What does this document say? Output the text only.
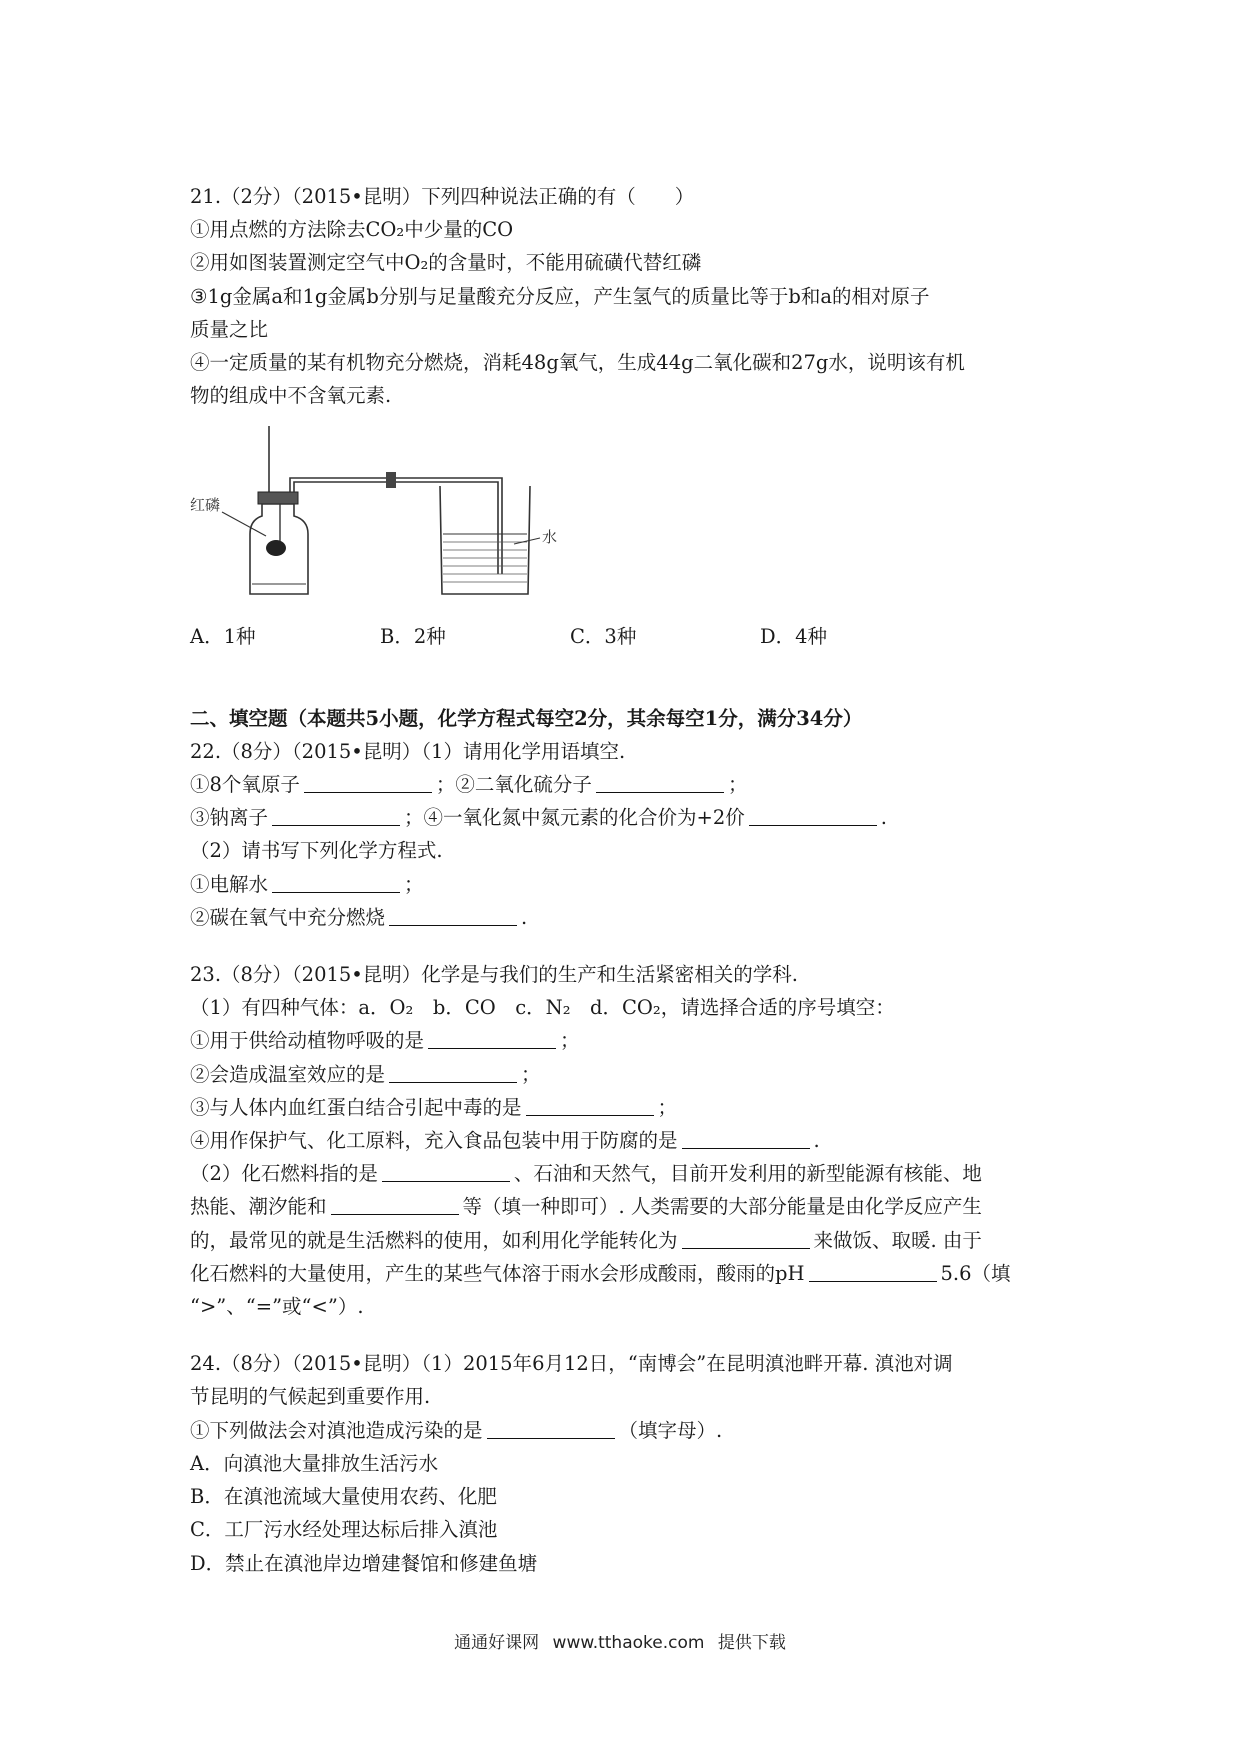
21.（2分）（2015•昆明）下列四种说法正确的有（　　）
①用点燃的方法除去CO₂中少量的CO
②用如图装置测定空气中O₂的含量时，不能用硫磺代替红磷
③1g金属a和1g金属b分别与足量酸充分反应，产生氢气的质量比等于b和a的相对原子
质量之比
④一定质量的某有机物充分燃烧，消耗48g氧气，生成44g二氧化碳和27g水，说明该有机
物的组成中不含氧元素.
红磷
水
A．1种	B．2种	C．3种	D．4种
二、填空题（本题共5小题，化学方程式每空2分，其余每空1分，满分34分）
22.（8分）（2015•昆明）（1）请用化学用语填空.
①8个氧原子	；②二氧化硫分子	；
③钠离子	；④一氧化氮中氮元素的化合价为+2价	.
（2）请书写下列化学方程式.
①电解水	；
②碳在氧气中充分燃烧	.
23.（8分）（2015•昆明）化学是与我们的生产和生活紧密相关的学科.
（1）有四种气体：a．O₂　b．CO　c．N₂　d．CO₂，请选择合适的序号填空：
①用于供给动植物呼吸的是	；
②会造成温室效应的是	；
③与人体内血红蛋白结合引起中毒的是	；
④用作保护气、化工原料，充入食品包装中用于防腐的是	.
（2）化石燃料指的是	、石油和天然气，目前开发利用的新型能源有核能、地
热能、潮汐能和	等（填一种即可）. 人类需要的大部分能量是由化学反应产生
的，最常见的就是生活燃料的使用，如利用化学能转化为	来做饭、取暖. 由于
化石燃料的大量使用，产生的某些气体溶于雨水会形成酸雨，酸雨的pH	5.6（填
“>”、“=”或“<”）.
24.（8分）（2015•昆明）（1）2015年6月12日，“南博会”在昆明滇池畔开幕. 滇池对调
节昆明的气候起到重要作用.
①下列做法会对滇池造成污染的是	（填字母）.
A．向滇池大量排放生活污水
B．在滇池流域大量使用农药、化肥
C．工厂污水经处理达标后排入滇池
D．禁止在滇池岸边增建餐馆和修建鱼塘
通通好课网 www.tthaoke.com 提供下载
